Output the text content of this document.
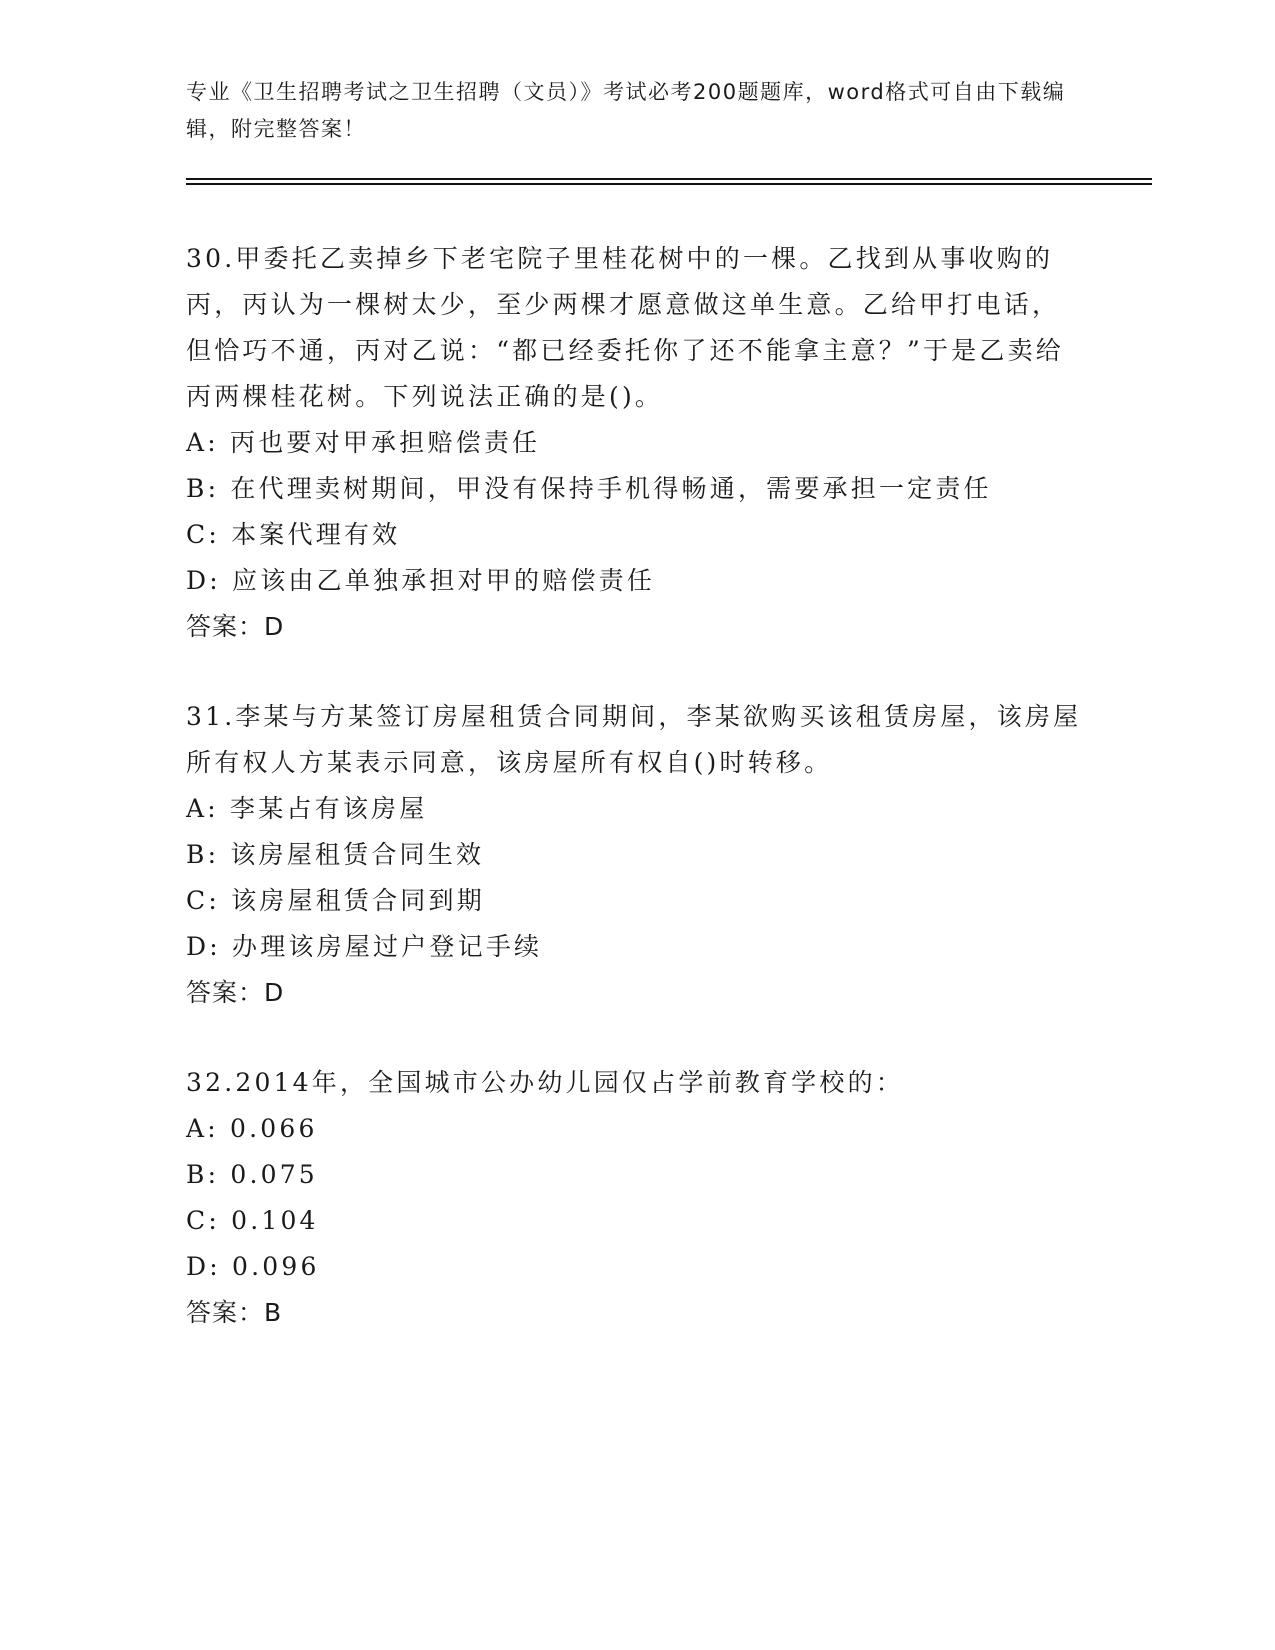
专业《卫生招聘考试之卫生招聘（文员）》考试必考200题题库，word格式可自由下载编辑，附完整答案！
30.甲委托乙卖掉乡下老宅院子里桂花树中的一棵。乙找到从事收购的丙，丙认为一棵树太少，至少两棵才愿意做这单生意。乙给甲打电话，但恰巧不通，丙对乙说：“都已经委托你了还不能拿主意？”于是乙卖给丙两棵桂花树。下列说法正确的是()。
A: 丙也要对甲承担赔偿责任
B: 在代理卖树期间，甲没有保持手机得畅通，需要承担一定责任
C: 本案代理有效
D: 应该由乙单独承担对甲的赔偿责任
答案：D
31.李某与方某签订房屋租赁合同期间，李某欲购买该租赁房屋，该房屋所有权人方某表示同意，该房屋所有权自()时转移。
A: 李某占有该房屋
B: 该房屋租赁合同生效
C: 该房屋租赁合同到期
D: 办理该房屋过户登记手续
答案：D
32.2014年，全国城市公办幼儿园仅占学前教育学校的：
A: 0.066
B: 0.075
C: 0.104
D: 0.096
答案：B
